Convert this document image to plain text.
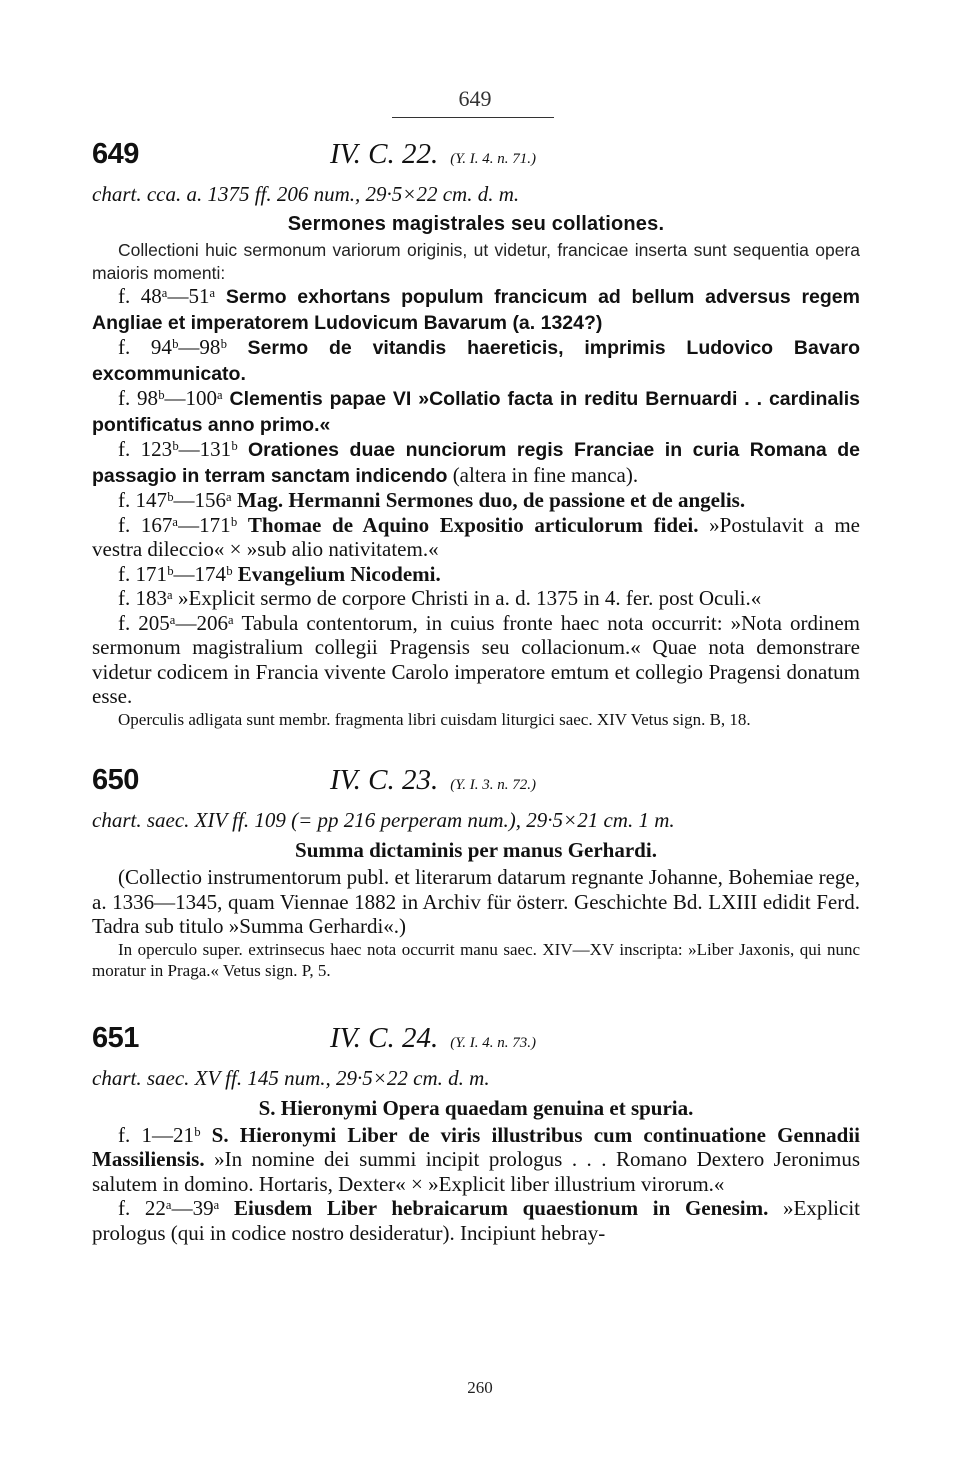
649
649	IV. C. 22. (Y. I. 4. n. 71.)
chart. cca. a. 1375 ff. 206 num., 29·5×22 cm. d. m.
Sermones magistrales seu collationes.

Collectioni huic sermonum variorum originis, ut videtur, francicae inserta sunt sequentia opera maioris momenti:

f. 48ᵃ—51ᵃ Sermo exhortans populum francicum ad bellum adversus regem Angliae et imperatorem Ludovicum Bavarum (a. 1324?)

f. 94ᵇ—98ᵇ Sermo de vitandis haereticis, imprimis Ludovico Bavaro excommunicato.

f. 98ᵇ—100ᵃ Clementis papae VI »Collatio facta in reditu Bernuardi . . cardinalis pontificatus anno primo.«

f. 123ᵇ—131ᵇ Orationes duae nunciorum regis Franciae in curia Romana de passagio in terram sanctam indicendo (altera in fine manca).

f. 147ᵇ—156ᵃ Mag. Hermanni Sermones duo, de passione et de angelis.

f. 167ᵃ—171ᵇ Thomae de Aquino Expositio articulorum fidei. »Postulavit a me vestra dileccio« × »sub alio nativitatem.«

f. 171ᵇ—174ᵇ Evangelium Nicodemi.

f. 183ᵃ »Explicit sermo de corpore Christi in a. d. 1375 in 4. fer. post Oculi.«

f. 205ᵃ—206ᵃ Tabula contentorum, in cuius fronte haec nota occurrit: »Nota ordinem sermonum magistralium collegii Pragensis seu collacionum.« Quae nota demonstrare videtur codicem in Francia vivente Carolo imperatore emtum et collegio Pragensi donatum esse.

Operculis adligata sunt membr. fragmenta libri cuisdam liturgici saec. XIV Vetus sign. B, 18.

650	IV. C. 23. (Y. I. 3. n. 72.)
chart. saec. XIV ff. 109 (= pp 216 perperam num.), 29·5×21 cm. 1 m.
Summa dictaminis per manus Gerhardi.

(Collectio instrumentorum publ. et literarum datarum regnante Johanne, Bohemiae rege, a. 1336—1345, quam Viennae 1882 in Archiv für österr. Geschichte Bd. LXIII edidit Ferd. Tadra sub titulo »Summa Gerhardi«.)

In operculo super. extrinsecus haec nota occurrit manu saec. XIV—XV inscripta: »Liber Jaxonis, qui nunc moratur in Praga.« Vetus sign. P, 5.

651	IV. C. 24. (Y. I. 4. n. 73.)
chart. saec. XV ff. 145 num., 29·5×22 cm. d. m.
S. Hieronymi Opera quaedam genuina et spuria.

f. 1—21ᵇ S. Hieronymi Liber de viris illustribus cum continuatione Gennadii Massiliensis. »In nomine dei summi incipit prologus . . . Romano Dextero Jeronimus salutem in domino. Hortaris, Dexter« × »Explicit liber illustrium virorum.«

f. 22ᵃ—39ᵃ Eiusdem Liber hebraicarum quaestionum in Genesim. »Explicit prologus (qui in codice nostro desideratur). Incipiunt hebray-

260
